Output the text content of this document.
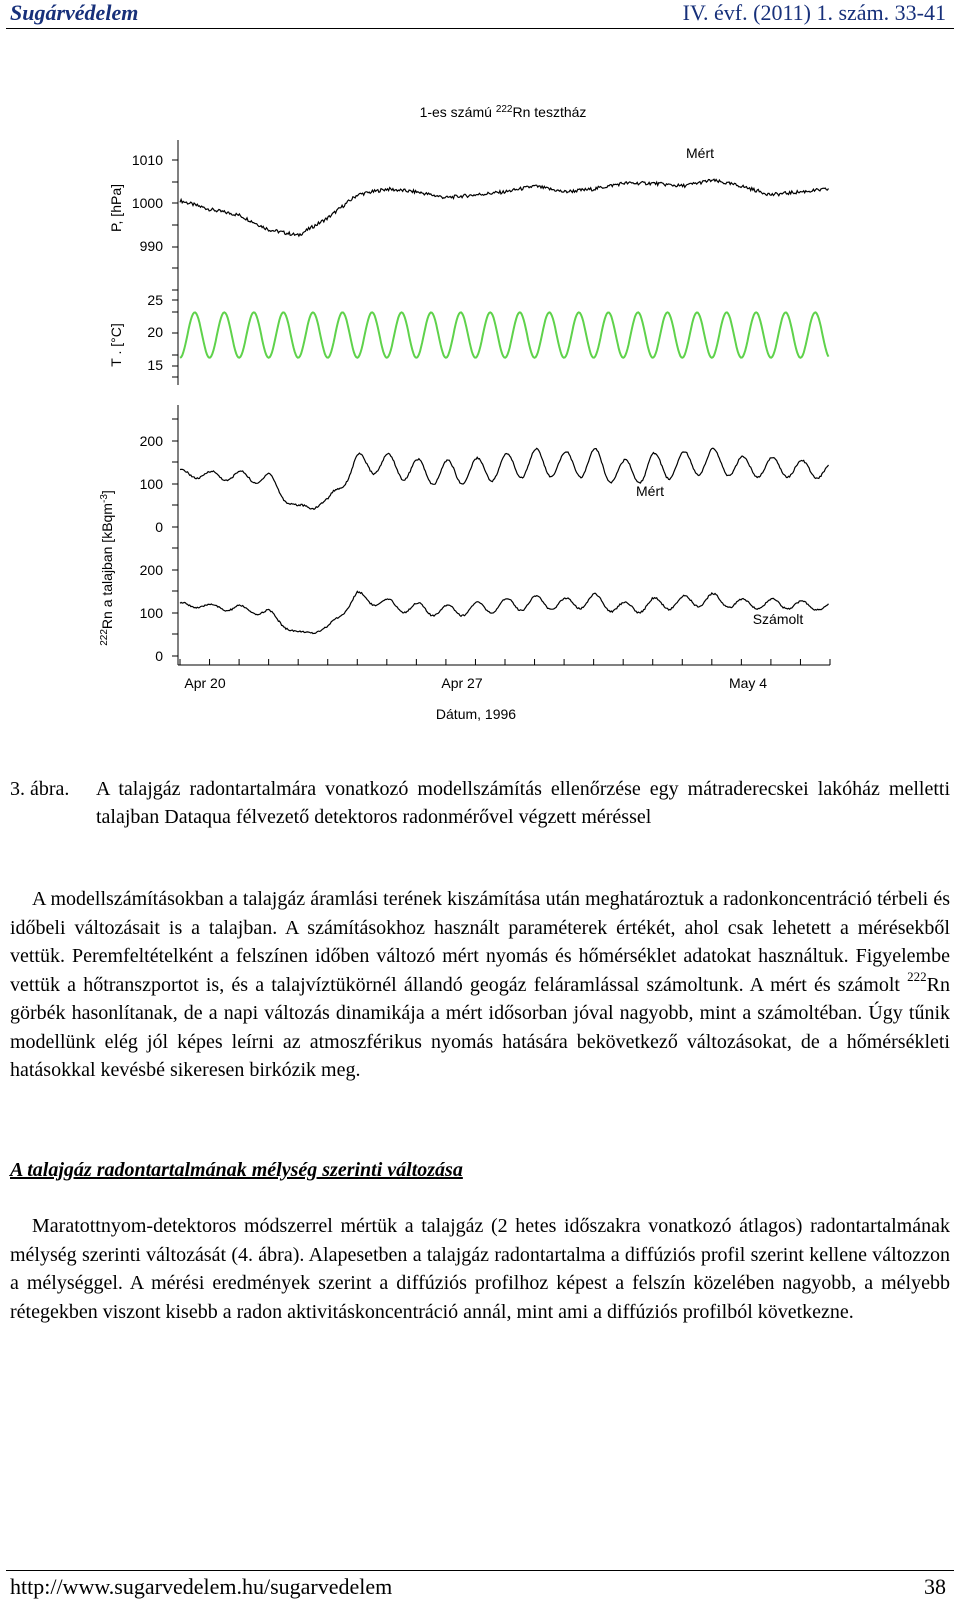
Sugárvédelem	IV. évf. (2011) 1. szám. 33-41
1-es számú $^{222}$Rn tesztház
1010
1000
990
25
20
15
200
100
0
200
100
0
P, [hPa]
T . [°C]
$^{222}$Rn a talajban [kBqm$^{-3}$]
Mért
Mért
Számolt
Apr 20	Apr 27	May 4
Dátum, 1996
3. ábra. A talajgáz radontartalmára vonatkozó modellszámítás ellenőrzése egy mátraderecskei lakóház melletti talajban Dataqua félvezető detektoros radonmérővel végzett méréssel

A modellszámításokban a talajgáz áramlási terének kiszámítása után meghatároztuk a radonkoncentráció térbeli és időbeli változásait is a talajban. A számításokhoz használt paraméterek értékét, ahol csak lehetett a mérésekből vettük. Peremfeltételként a felszínen időben változó mért nyomás és hőmérséklet adatokat használtuk. Figyelembe vettük a hőtranszportot is, és a talajvíztükörnél állandó geogáz feláramlással számoltunk. A mért és számolt $^{222}$Rn görbék hasonlítanak, de a napi változás dinamikája a mért idősorban jóval nagyobb, mint a számoltéban. Úgy tűnik modellünk elég jól képes leírni az atmoszférikus nyomás hatására bekövetkező változásokat, de a hőmérsékleti hatásokkal kevésbé sikeresen birkózik meg.

A talajgáz radontartalmának mélység szerinti változása

Maratottnyom-detektoros módszerrel mértük a talajgáz (2 hetes időszakra vonatkozó átlagos) radontartalmának mélység szerinti változását (4. ábra). Alapesetben a talajgáz radontartalma a diffúziós profil szerint kellene változzon a mélységgel. A mérési eredmények szerint a diffúziós profilhoz képest a felszín közelében nagyobb, a mélyebb rétegekben viszont kisebb a radon aktivitáskoncentráció annál, mint ami a diffúziós profilból következne.

http://www.sugarvedelem.hu/sugarvedelem	38
